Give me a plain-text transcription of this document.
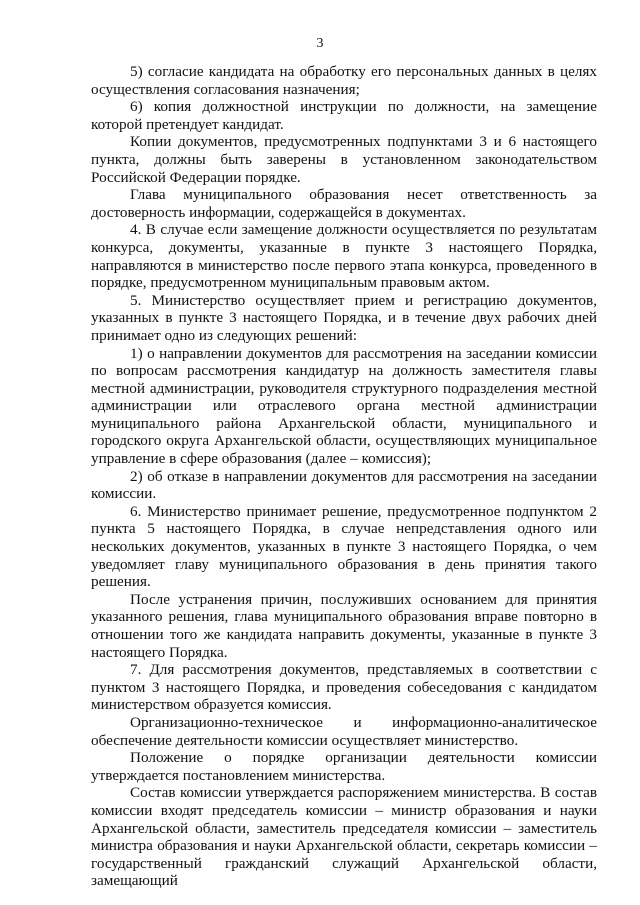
3

5) согласие кандидата на обработку его персональных данных в целях осуществления согласования назначения;

6) копия должностной инструкции по должности, на замещение которой претендует кандидат.

Копии документов, предусмотренных подпунктами 3 и 6 настоящего пункта, должны быть заверены в установленном законодательством Российской Федерации порядке.

Глава муниципального образования несет ответственность за достоверность информации, содержащейся в документах.

4. В случае если замещение должности осуществляется по результатам конкурса, документы, указанные в пункте 3 настоящего Порядка, направляются в министерство после первого этапа конкурса, проведенного в порядке, предусмотренном муниципальным правовым актом.

5. Министерство осуществляет прием и регистрацию документов, указанных в пункте 3 настоящего Порядка, и в течение двух рабочих дней принимает одно из следующих решений:

1) о направлении документов для рассмотрения на заседании комиссии по вопросам рассмотрения кандидатур на должность заместителя главы местной администрации, руководителя структурного подразделения местной администрации или отраслевого органа местной администрации муниципального района Архангельской области, муниципального и городского округа Архангельской области, осуществляющих муниципальное управление в сфере образования (далее – комиссия);

2) об отказе в направлении документов для рассмотрения на заседании комиссии.

6. Министерство принимает решение, предусмотренное подпунктом 2 пункта 5 настоящего Порядка, в случае непредставления одного или нескольких документов, указанных в пункте 3 настоящего Порядка, о чем уведомляет главу муниципального образования в день принятия такого решения.

После устранения причин, послуживших основанием для принятия указанного решения, глава муниципального образования вправе повторно в отношении того же кандидата направить документы, указанные в пункте 3 настоящего Порядка.

7. Для рассмотрения документов, представляемых в соответствии с пунктом 3 настоящего Порядка, и проведения собеседования с кандидатом министерством образуется комиссия.

Организационно-техническое и информационно-аналитическое обеспечение деятельности комиссии осуществляет министерство.

Положение о порядке организации деятельности комиссии утверждается постановлением министерства.

Состав комиссии утверждается распоряжением министерства. В состав комиссии входят председатель комиссии – министр образования и науки Архангельской области, заместитель председателя комиссии – заместитель министра образования и науки Архангельской области, секретарь комиссии – государственный гражданский служащий Архангельской области, замещающий
